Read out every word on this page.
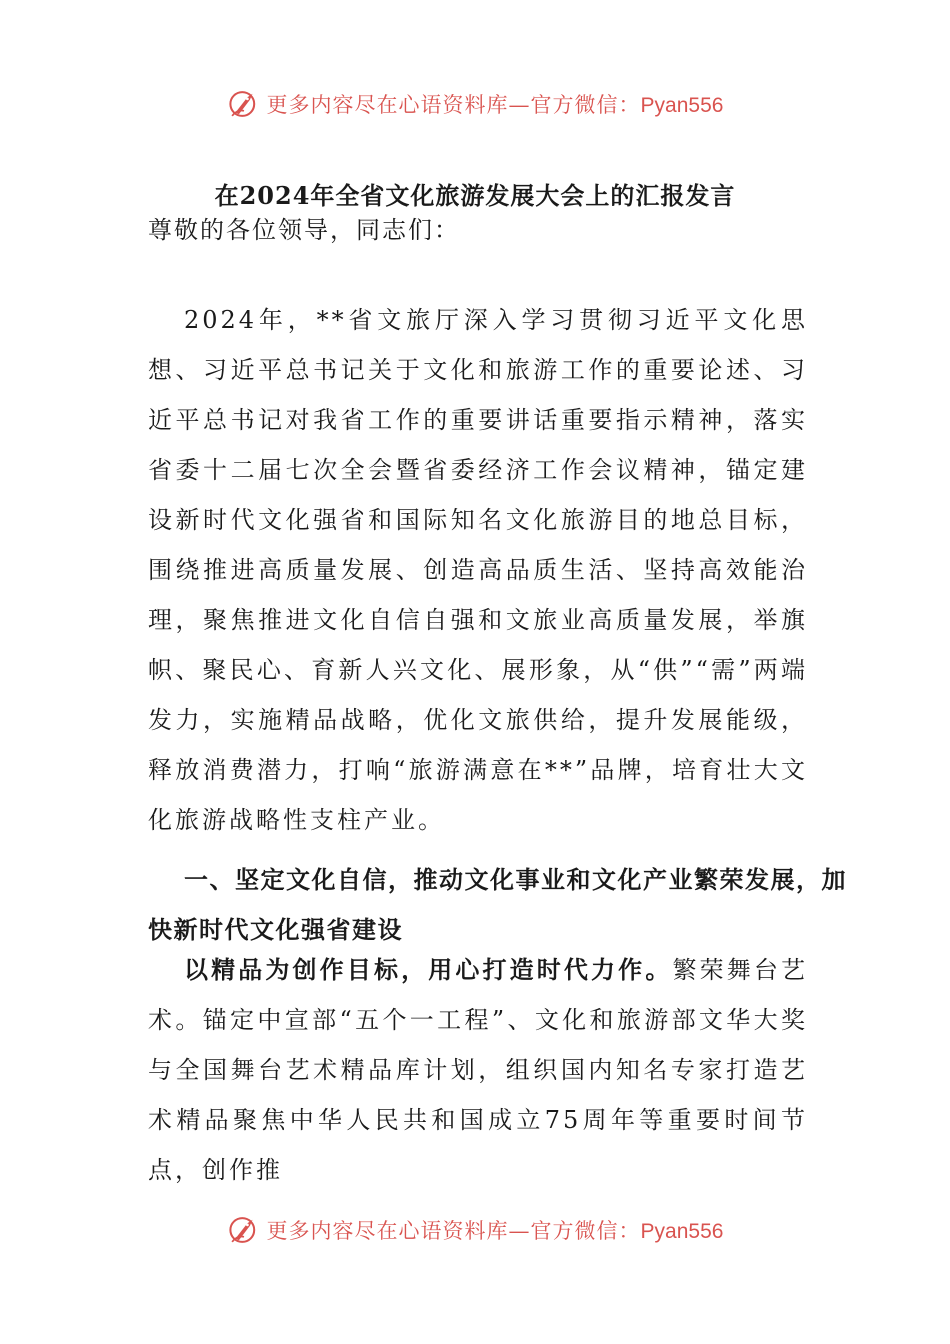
更多内容尽在心语资料库—官方微信：Pyan556
在2024年全省文化旅游发展大会上的汇报发言
尊敬的各位领导，同志们：

2024年，**省文旅厅深入学习贯彻习近平文化思想、习近平总书记关于文化和旅游工作的重要论述、习近平总书记对我省工作的重要讲话重要指示精神，落实省委十二届七次全会暨省委经济工作会议精神，锚定建设新时代文化强省和国际知名文化旅游目的地总目标，围绕推进高质量发展、创造高品质生活、坚持高效能治理，聚焦推进文化自信自强和文旅业高质量发展，举旗帜、聚民心、育新人兴文化、展形象，从“供”“需”两端发力，实施精品战略，优化文旅供给，提升发展能级，释放消费潜力，打响“旅游满意在**”品牌，培育壮大文化旅游战略性支柱产业。

一、坚定文化自信，推动文化事业和文化产业繁荣发展，加快新时代文化强省建设

以精品为创作目标，用心打造时代力作。繁荣舞台艺术。锚定中宣部“五个一工程”、文化和旅游部文华大奖与全国舞台艺术精品库计划，组织国内知名专家打造艺术精品聚焦中华人民共和国成立75周年等重要时间节点，创作推

更多内容尽在心语资料库—官方微信：Pyan556
